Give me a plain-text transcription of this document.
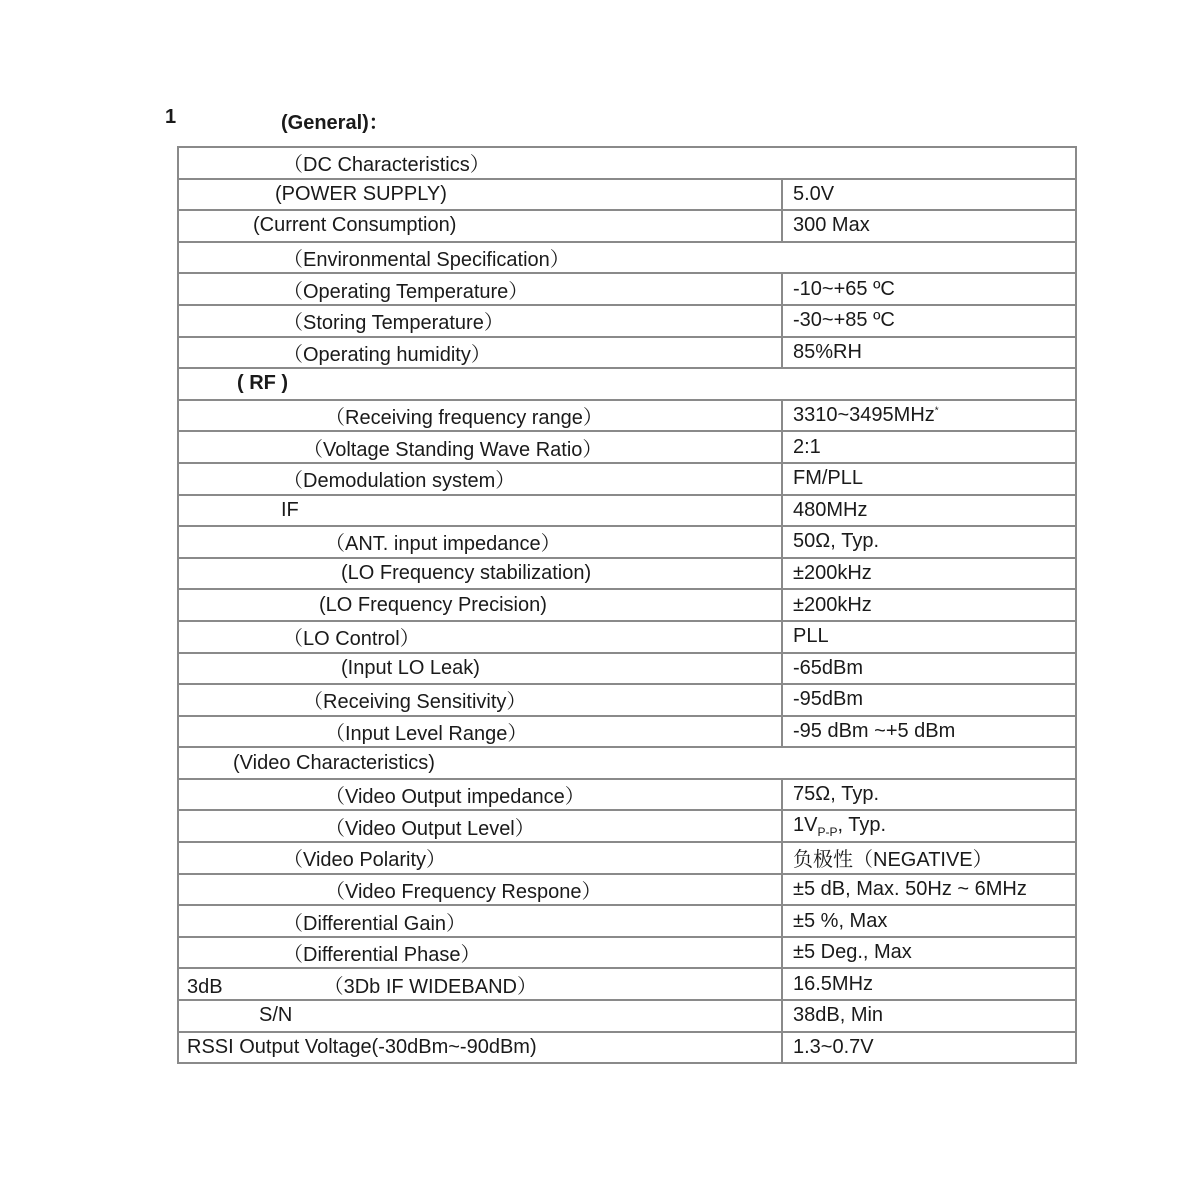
1	(General)：
（DC Characteristics）	
(POWER SUPPLY)	5.0V
(Current Consumption)	300 Max
（Environmental Specification）	
（Operating Temperature）	-10~+65 ºC
（Storing Temperature）	-30~+85 ºC
（Operating humidity）	85%RH
( RF )	
（Receiving frequency range）	3310~3495MHz*
（Voltage Standing Wave Ratio）	2:1
（Demodulation system）	FM/PLL
IF	480MHz
（ANT. input impedance）	50Ω, Typ.
(LO Frequency stabilization)	±200kHz
(LO Frequency Precision)	±200kHz
（LO Control）	PLL
(Input LO Leak)	-65dBm
（Receiving Sensitivity）	-95dBm
（Input Level Range）	-95 dBm ~+5 dBm
(Video Characteristics)	
（Video Output impedance）	75Ω, Typ.
（Video Output Level）	$1V_{P-P}$, Typ.
（Video Polarity）	负极性（NEGATIVE）
（Video Frequency Respone）	±5 dB, Max. 50Hz ~ 6MHz
（Differential Gain）	±5 %, Max
（Differential Phase）	±5 Deg., Max
3dB （3Db IF WIDEBAND）	16.5MHz
S/N	38dB, Min
RSSI Output Voltage(-30dBm~-90dBm)	1.3~0.7V
